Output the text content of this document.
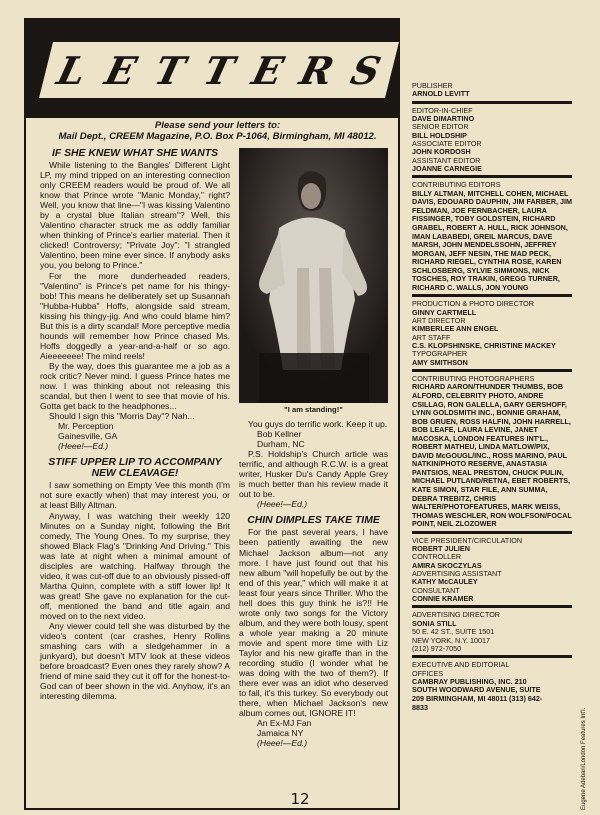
L E T T E R S
Please send your letters to:
Mail Dept., CREEM Magazine, P.O. Box P-1064, Birmingham, MI 48012.
IF SHE KNEW WHAT SHE WANTS

While listening to the Bangles' Different Light LP, my mind tripped on an interesting connection only CREEM readers would be proud of. We all know that Prince wrote "Manic Monday," right? Well, you know that line—"I was kissing Valentino by a crystal blue Italian stream"? Well, this Valentino character struck me as oddly familiar when thinking of Prince's earlier material. Then it clicked! Controversy; "Private Joy": "I strangled Valentino, been mine ever since. If anybody asks you, you belong to Prince."

For the more dunderheaded readers, "Valentino" is Prince's pet name for his thingy-bob! This means he deliberately set up Susannah "Hubba-Hubba" Hoffs, alongside said stream, kissing his thingy-jig. And who could blame him? But this is a dirty scandal! More perceptive media hounds will remember how Prince chased Ms. Hoffs doggedly a year-and-a-half or so ago. Aieeeeeee! The mind reels!

By the way, does this guarantee me a job as a rock critic? Never mind. I guess Prince hates me now. I was thinking about not releasing this scandal, but then I went to see that movie of his. Gotta get back to the headphones...

Should I sign this "Morris Day"? Nah...

Mr. Perception

Gainesville, GA

(Heee!—Ed.)

STIFF UPPER LIP TO ACCOMPANY NEW CLEAVAGE!

I saw something on Empty Vee this month (I'm not sure exactly when) that may interest you, or at least Billy Altman.

Anyway, I was watching their weekly 120 Minutes on a Sunday night, following the Brit comedy, The Young Ones. To my surprise, they showed Black Flag's "Drinking And Driving." This was late at night when a minimal amount of disciples are watching. Halfway through the video, it was cut-off due to an obviously pissed-off Martha Quinn, complete with a stiff lower lip! It was great! She gave no explanation for the cut-off, mentioned the band and title again and moved on to the next video.

Any viewer could tell she was disturbed by the video's content (car crashes, Henry Rollins smashing cars with a sledgehammer in a junkyard), but doesn't MTV look at these videos before broadcast? Even ones they rarely show? A friend of mine said they cut it off for the honest-to-God can of beer shown in the vid. Anyhow, it's an interesting dilemma.

"I am standing!"

You guys do terrific work. Keep it up.

Bob Kellner

Durham, NC

P.S. Holdship's Church article was terrific, and although R.C.W. is a great writer, Husker Du's Candy Apple Grey is much better than his review made it out to be.

(Heee!—Ed.)

CHIN DIMPLES TAKE TIME

For the past several years, I have been patiently awaiting the new Michael Jackson album—not any more. I have just found out that his new album "will hopefully be out by the end of this year," which will make it at least four years since Thriller. Who the hell does this guy think he is?!! He wrote only two songs for the Victory album, and they were both lousy, spent a whole year making a 20 minute movie and spent more time with Liz Taylor and his new giraffe than in the recording studio (I wonder what he was doing with the two of them?). If there ever was an idiot who deserved to fall, it's this turkey. So everybody out there, when Michael Jackson's new album comes out, IGNORE IT!

An Ex-MJ Fan

Jamaica NY

(Heee!—Ed.)

PUBLISHER
ARNOLD LEVITT
EDITOR-IN-CHIEF
DAVE DIMARTINO
SENIOR EDITOR
BILL HOLDSHIP
ASSOCIATE EDITOR
JOHN KORDOSH
ASSISTANT EDITOR
JOANNE CARNEGIE
CONTRIBUTING EDITORS
BILLY ALTMAN, MITCHELL COHEN, MICHAEL DAVIS, EDOUARD DAUPHIN, JIM FARBER, JIM FELDMAN, JOE FERNBACHER, LAURA FISSINGER, TOBY GOLDSTEIN, RICHARD GRABEL, ROBERT A. HULL, RICK JOHNSON, IMAN LABABEDI, GREIL MARCUS, DAVE MARSH, JOHN MENDELSSOHN, JEFFREY MORGAN, JEFF NESIN, THE MAD PECK, RICHARD RIEGEL, CYNTHIA ROSE, KAREN SCHLOSBERG, SYLVIE SIMMONS, NICK TOSCHES, ROY TRAKIN, GREGG TURNER, RICHARD C. WALLS, JON YOUNG
PRODUCTION & PHOTO DIRECTOR
GINNY CARTMELL
ART DIRECTOR
KIMBERLEE ANN ENGEL
ART STAFF
C.S. KLOPSHINSKE, CHRISTINE MACKEY
TYPOGRAPHER
AMY SMITHSON
CONTRIBUTING PHOTOGRAPHERS
RICHARD AARON/THUNDER THUMBS, BOB ALFORD, CELEBRITY PHOTO, ANDRE CSILLAG, RON GALELLA, GARY GERSHOFF, LYNN GOLDSMITH INC., BONNIE GRAHAM, BOB GRUEN, ROSS HALFIN, JOHN HARRELL, BOB LEAFE, LAURA LEVINE, JANET MACOSKA, LONDON FEATURES INT'L., ROBERT MATHEU, LINDA MATLOW/PIX, DAVID McGOUGL/INC., ROSS MARINO, PAUL NATKIN/PHOTO RESERVE, ANASTASIA PANTSIOS, NEAL PRESTON, CHUCK PULIN, MICHAEL PUTLAND/RETNA, EBET ROBERTS, KATE SIMON, STAR FILE, ANN SUMMA, DEBRA TREBITZ, CHRIS WALTER/PHOTOFEATURES, MARK WEISS, THOMAS WESCHLER, RON WOLFSON/FOCAL POINT, NEIL ZLOZOWER
VICE PRESIDENT/CIRCULATION
ROBERT JULIEN
CONTROLLER
AMIRA SKOCZYLAS
ADVERTISING ASSISTANT
KATHY McCAULEY
CONSULTANT
CONNIE KRAMER
ADVERTISING DIRECTOR
SONIA STILL
50 E. 42 ST., SUITE 1501
NEW YORK, N.Y. 10017
(212) 972-7050
EXECUTIVE AND EDITORIAL OFFICES
CAMBRAY PUBLISHING, INC. 210 SOUTH WOODWARD AVENUE, SUITE 209 BIRMINGHAM, MI 48011 (313) 642-8833
Eugene Adebari/London Features Int'l.
12
